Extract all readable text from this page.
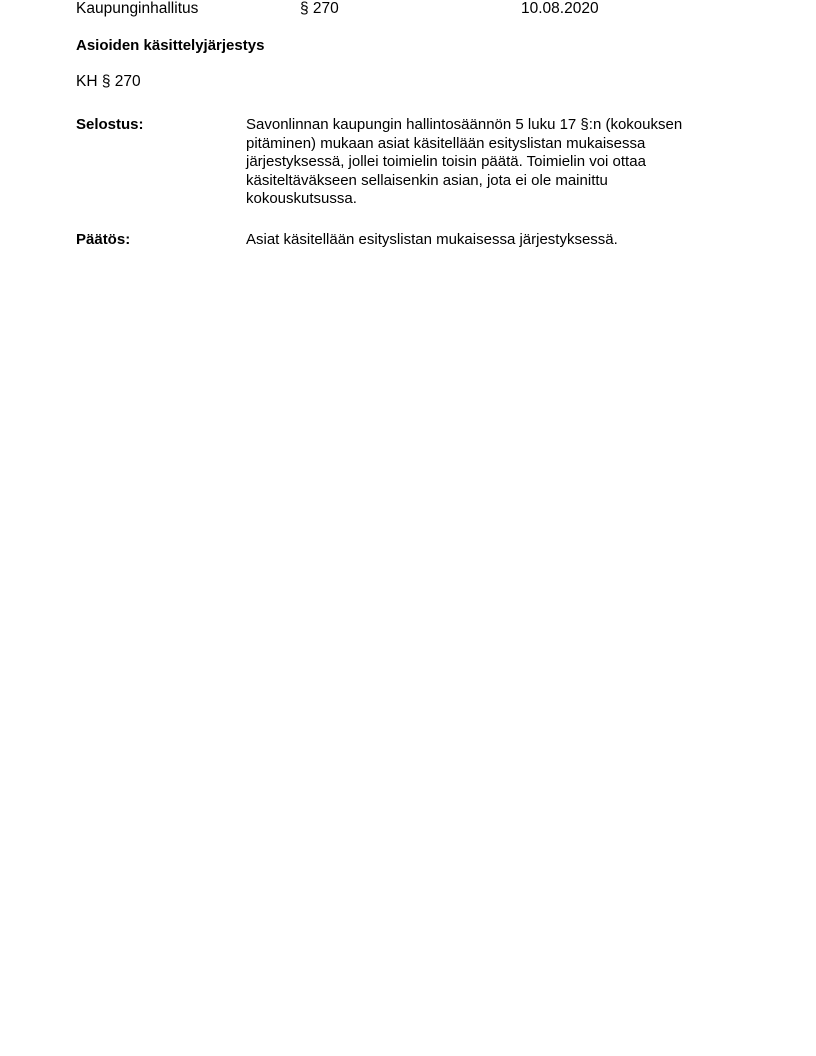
Kaupunginhallitus	§ 270	10.08.2020
Asioiden käsittelyjärjestys
KH § 270
Selostus:	Savonlinnan kaupungin hallintosäännön 5 luku 17 §:n (kokouksen
pitäminen) mukaan asiat käsitellään esityslistan mukaisessa
järjestyksessä, jollei toimielin toisin päätä. Toimielin voi ottaa
käsiteltäväkseen sellaisenkin asian, jota ei ole mainittu
kokouskutsussa.
Päätös:	Asiat käsitellään esityslistan mukaisessa järjestyksessä.
